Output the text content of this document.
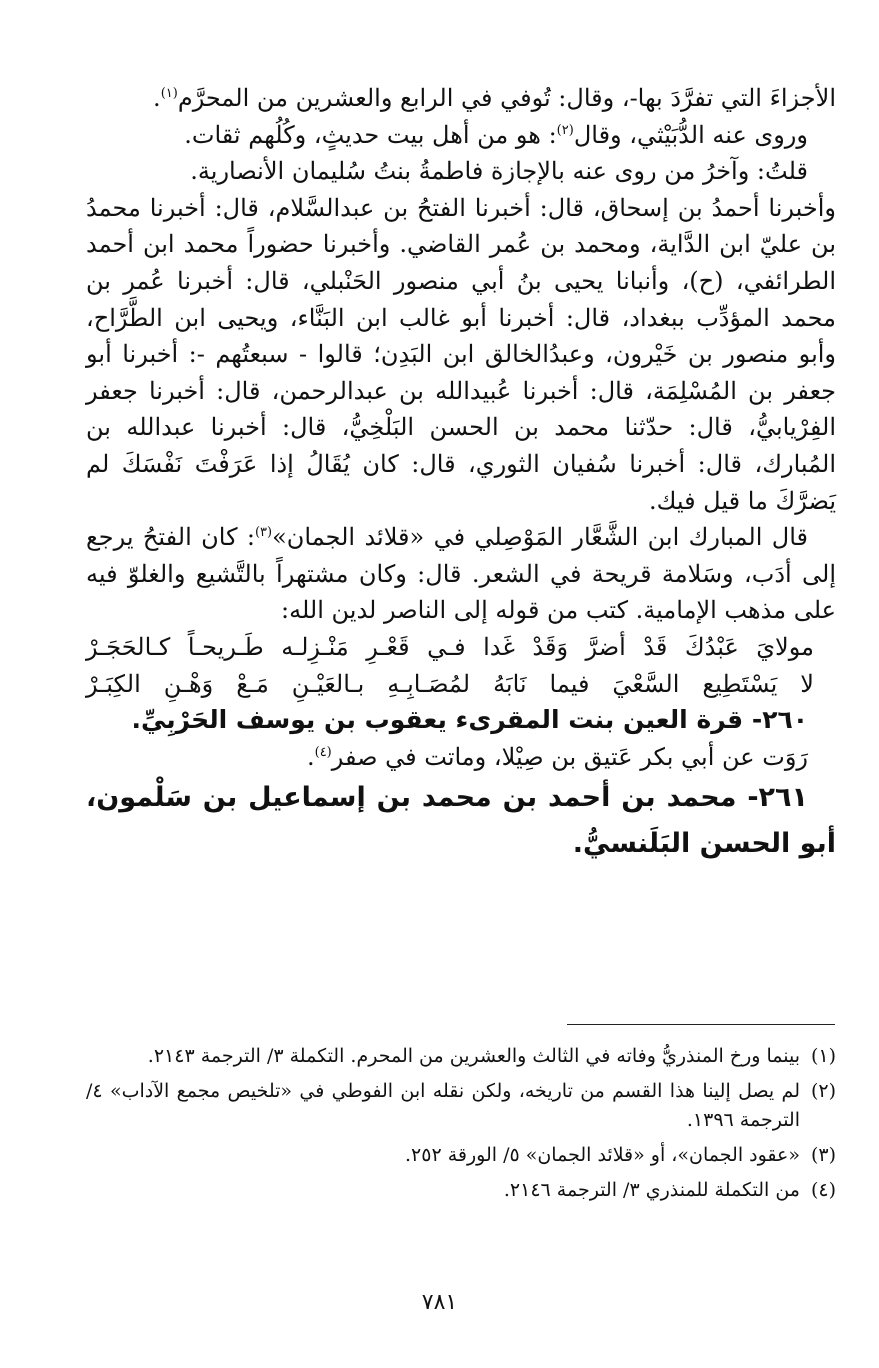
الأجزاءَ التي تفرَّدَ بها-، وقال: تُوفي في الرابع والعشرين من المحرَّم$^{(١)}$.

وروى عنه الدُّبَيْثي، وقال$^{(٢)}$: هو من أهل بيت حديثٍ، وكُلُهم ثقات.

قلتُ: وآخرُ من روى عنه بالإجازة فاطمةُ بنتُ سُليمان الأنصارية.

وأخبرنا أحمدُ بن إسحاق، قال: أخبرنا الفتحُ بن عبدالسَّلام، قال: أخبرنا محمدُ بن عليّ ابن الدَّاية، ومحمد بن عُمر القاضي. وأخبرنا حضوراً محمد ابن أحمد الطرائفي، (ح)، وأنبانا يحيى بنُ أبي منصور الحَنْبلي، قال: أخبرنا عُمر بن محمد المؤدِّب ببغداد، قال: أخبرنا أبو غالب ابن البَنَّاء، ويحيى ابن الطَّرَّاح، وأبو منصور بن خَيْرون، وعبدُالخالق ابن البَدِن؛ قالوا - سبعتُهم -: أخبرنا أبو جعفر بن المُسْلِمَة، قال: أخبرنا عُبيدالله بن عبدالرحمن، قال: أخبرنا جعفر الفِرْيابيُّ، قال: حدّثنا محمد بن الحسن البَلْخِيُّ، قال: أخبرنا عبدالله بن المُبارك، قال: أخبرنا سُفيان الثوري، قال: كان يُقَالُ إذا عَرَفْتَ نَفْسَكَ لم يَضرَّكَ ما قيل فيك.

قال المبارك ابن الشَّعَّار المَوْصِلي في «قلائد الجمان»$^{(٣)}$: كان الفتحُ يرجع إلى أدَب، وسَلامة قريحة في الشعر. قال: وكان مشتهراً بالتَّشيع والغلوّ فيه على مذهب الإمامية. كتب من قوله إلى الناصر لدين الله:

مولايَ عَبْدُكَ قَدْ أضرَّ وَقَدْ غَدا فـي قَعْـرِ مَنْـزِلـه طَـريحـاً كـالحَجَـرْ

لا يَسْتَطِيع السَّعْيَ فيما نَابَهُ لمُصَـابِـهِ بـالعَيْـنِ مَـعْ وَهْـنِ الكِبَـرْ

٢٦٠- قرة العين بنت المقرىء يعقوب بن يوسف الحَرْبِيِّ.

رَوَت عن أبي بكر عَتيق بن صِيْلا، وماتت في صفر$^{(٤)}$.

٢٦١- محمد بن أحمد بن محمد بن إسماعيل بن سَلْمون، أبو الحسن البَلَنسيُّ.

(١)
بينما ورخ المنذريُّ وفاته في الثالث والعشرين من المحرم. التكملة ٣/ الترجمة ٢١٤٣.
(٢)
لم يصل إلينا هذا القسم من تاريخه، ولكن نقله ابن الفوطي في «تلخيص مجمع الآداب» ٤/ الترجمة ١٣٩٦.
(٣)
«عقود الجمان»، أو «قلائد الجمان» ٥/ الورقة ٢٥٢.
(٤)
من التكملة للمنذري ٣/ الترجمة ٢١٤٦.
٧٨١
